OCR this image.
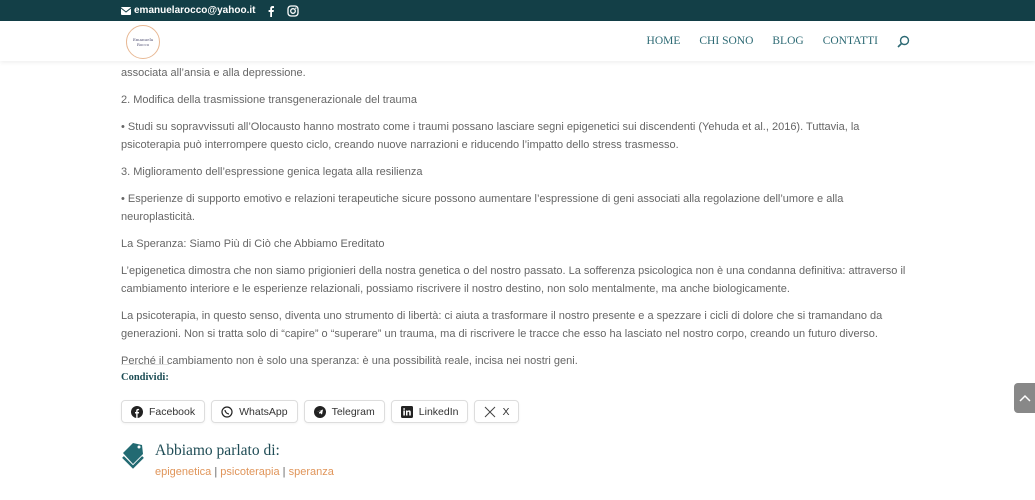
emanuelarocco@yahoo.it
Emanuela Rocco	HOME CHI SONO BLOG CONTATTI

associata all’ansia e alla depressione.

2. Modifica della trasmissione transgenerazionale del trauma

• Studi su sopravvissuti all’Olocausto hanno mostrato come i traumi possano lasciare segni epigenetici sui discendenti (Yehuda et al., 2016). Tuttavia, la psicoterapia può interrompere questo ciclo, creando nuove narrazioni e riducendo l’impatto dello stress trasmesso.

3. Miglioramento dell’espressione genica legata alla resilienza

• Esperienze di supporto emotivo e relazioni terapeutiche sicure possono aumentare l’espressione di geni associati alla regolazione dell’umore e alla neuroplasticità.

La Speranza: Siamo Più di Ciò che Abbiamo Ereditato

L’epigenetica dimostra che non siamo prigionieri della nostra genetica o del nostro passato. La sofferenza psicologica non è una condanna definitiva: attraverso il cambiamento interiore e le esperienze relazionali, possiamo riscrivere il nostro destino, non solo mentalmente, ma anche biologicamente.

La psicoterapia, in questo senso, diventa uno strumento di libertà: ci aiuta a trasformare il nostro presente e a spezzare i cicli di dolore che si tramandano da generazioni. Non si tratta solo di “capire” o “superare” un trauma, ma di riscrivere le tracce che esso ha lasciato nel nostro corpo, creando un futuro diverso.

Perché il cambiamento non è solo una speranza: è una possibilità reale, incisa nei nostri geni.

Condividi:
Facebook	WhatsApp	Telegram	LinkedIn	X
Abbiamo parlato di:
epigenetica | psicoterapia | speranza
